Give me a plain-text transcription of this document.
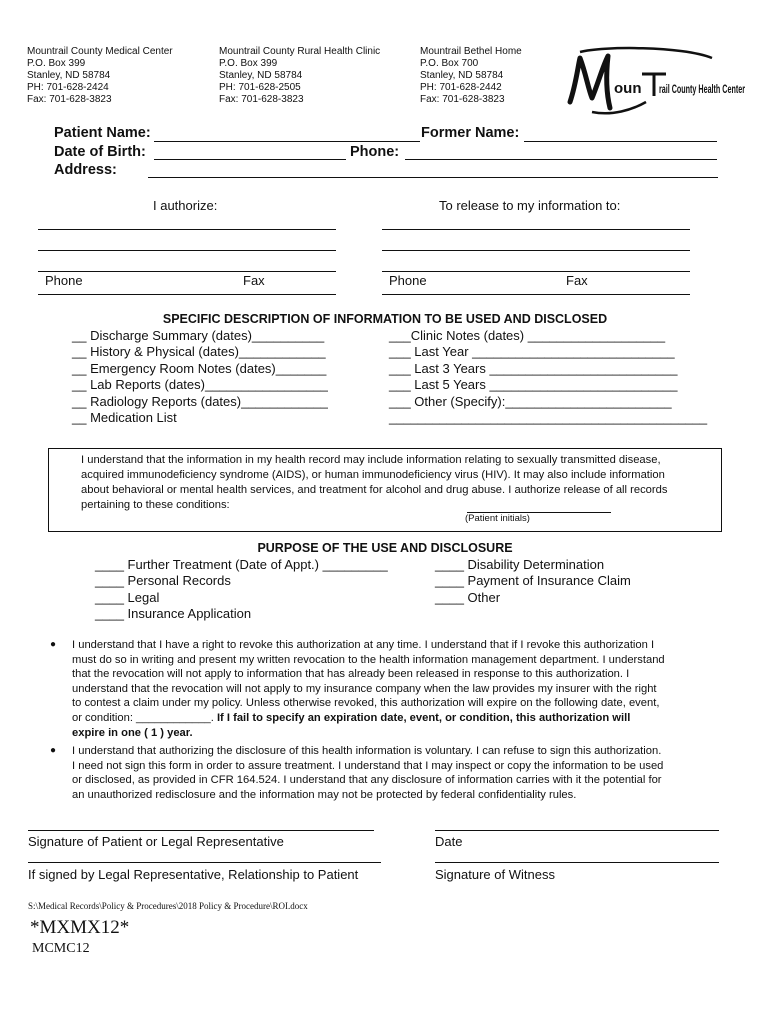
Mountrail County Medical Center
P.O. Box 399
Stanley, ND 58784
PH: 701-628-2424
Fax: 701-628-3823
Mountrail County Rural Health Clinic
P.O. Box 399
Stanley, ND 58784
PH: 701-628-2505
Fax: 701-628-3823
Mountrail Bethel Home
P.O. Box 700
Stanley, ND 58784
PH: 701-628-2442
Fax: 701-628-3823
oun rail County Health Center
Patient Name:	Former Name:
Date of Birth:	Phone:
Address:
I authorize:	To release to my information to:
Phone	Fax	Phone	Fax
SPECIFIC DESCRIPTION OF INFORMATION TO BE USED AND DISCLOSED
__ Discharge Summary (dates)__________
__ History & Physical (dates)____________
__ Emergency Room Notes (dates)_______
__ Lab Reports (dates)_________________
__ Radiology Reports (dates)____________
__ Medication List
___Clinic Notes (dates) ___________________
___ Last Year ____________________________
___ Last 3 Years __________________________
___ Last 5 Years __________________________
___ Other (Specify):_______________________
____________________________________________
I understand that the information in my health record may include information relating to sexually transmitted disease, acquired immunodeficiency syndrome (AIDS), or human immunodeficiency virus (HIV). It may also include information about behavioral or mental health services, and treatment for alcohol and drug abuse. I authorize release of all records pertaining to these conditions:
(Patient initials)
PURPOSE OF THE USE AND DISCLOSURE
____ Further Treatment (Date of Appt.) _________
____ Personal Records
____ Legal
____ Insurance Application
____ Disability Determination
____ Payment of Insurance Claim
____ Other
● I understand that I have a right to revoke this authorization at any time. I understand that if I revoke this authorization I
must do so in writing and present my written revocation to the health information management department. I understand
that the revocation will not apply to information that has already been released in response to this authorization. I
understand that the revocation will not apply to my insurance company when the law provides my insurer with the right
to contest a claim under my policy. Unless otherwise revoked, this authorization will expire on the following date, event,
or condition: ____________. If I fail to specify an expiration date, event, or condition, this authorization will
expire in one ( 1 ) year.
● I understand that authorizing the disclosure of this health information is voluntary. I can refuse to sign this authorization.
I need not sign this form in order to assure treatment. I understand that I may inspect or copy the information to be used
or disclosed, as provided in CFR 164.524. I understand that any disclosure of information carries with it the potential for
an unauthorized redisclosure and the information may not be protected by federal confidentiality rules.
Signature of Patient or Legal Representative	Date
If signed by Legal Representative, Relationship to Patient	Signature of Witness
S:\Medical Records\Policy & Procedures\2018 Policy & Procedure\ROI.docx
*MXMX12*
MCMC12
